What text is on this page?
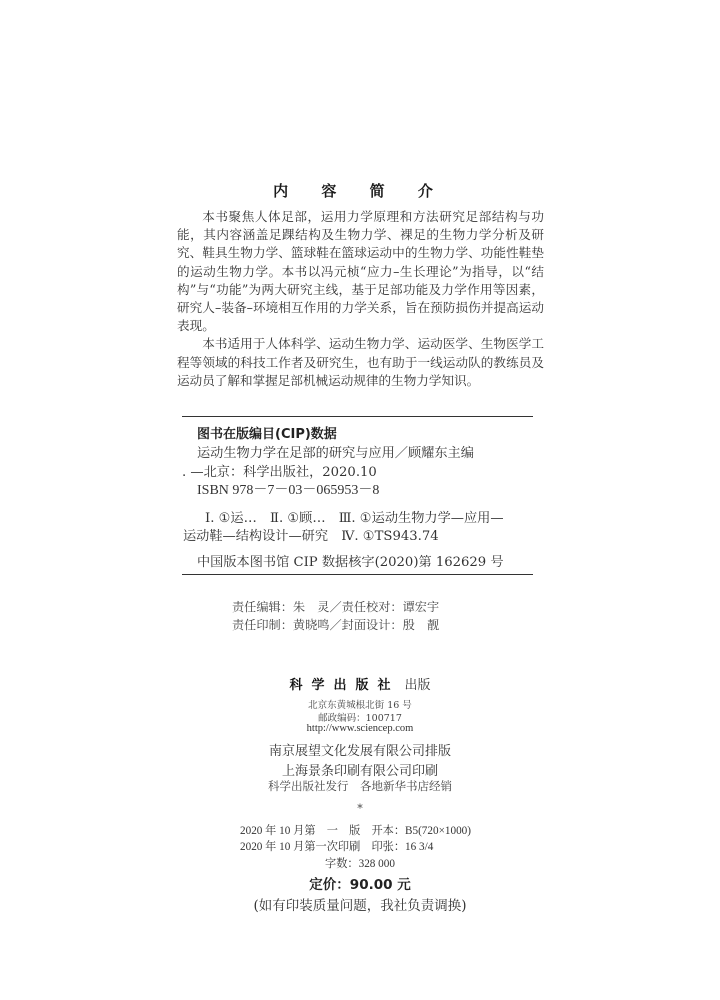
内 容 简 介

本书聚焦人体足部，运用力学原理和方法研究足部结构与功能，其内容涵盖足踝结构及生物力学、裸足的生物力学分析及研究、鞋具生物力学、篮球鞋在篮球运动中的生物力学、功能性鞋垫的运动生物力学。本书以冯元桢“应力–生长理论”为指导，以“结构”与“功能”为两大研究主线，基于足部功能及力学作用等因素，研究人–装备–环境相互作用的力学关系，旨在预防损伤并提高运动表现。

本书适用于人体科学、运动生物力学、运动医学、生物医学工程等领域的科技工作者及研究生，也有助于一线运动队的教练员及运动员了解和掌握足部机械运动规律的生物力学知识。

图书在版编目(CIP)数据
运动生物力学在足部的研究与应用／顾耀东主编
. —北京：科学出版社，2020.10
ISBN 978－7－03－065953－8
Ⅰ. ①运…　Ⅱ. ①顾…　Ⅲ. ①运动生物力学—应用—
运动鞋—结构设计—研究　Ⅳ. ①TS943.74
中国版本图书馆 CIP 数据核字(2020)第 162629 号
责任编辑：朱　灵／责任校对：谭宏宇
责任印制：黄晓鸣／封面设计：殷　靓
科学出版社 出版
北京东黄城根北街 16 号
邮政编码：100717
http://www.sciencep.com
南京展望文化发展有限公司排版
上海景条印刷有限公司印刷
科学出版社发行　各地新华书店经销
*
2020 年 10 月第　一　版　开本：B5(720×1000)
2020 年 10 月第一次印刷　印张：16 3/4
字数：328 000
定价：90.00 元
(如有印装质量问题，我社负责调换)
